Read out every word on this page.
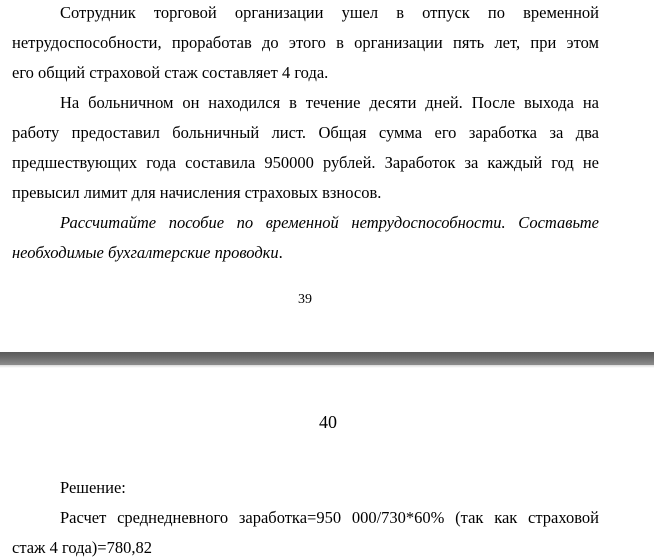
Сотрудник торговой организации ушел в отпуск по временной
нетрудоспособности, проработав до этого в организации пять лет, при этом
его общий страховой стаж составляет 4 года.
На больничном он находился в течение десяти дней. После выхода на
работу предоставил больничный лист. Общая сумма его заработка за два
предшествующих года составила 950000 рублей. Заработок за каждый год не
превысил лимит для начисления страховых взносов.
Рассчитайте пособие по временной нетрудоспособности. Составьте
необходимые бухгалтерские проводки.
39
40
Решение:
Расчет среднедневного заработка=950 000/730*60% (так как страховой
стаж 4 года)=780,82
